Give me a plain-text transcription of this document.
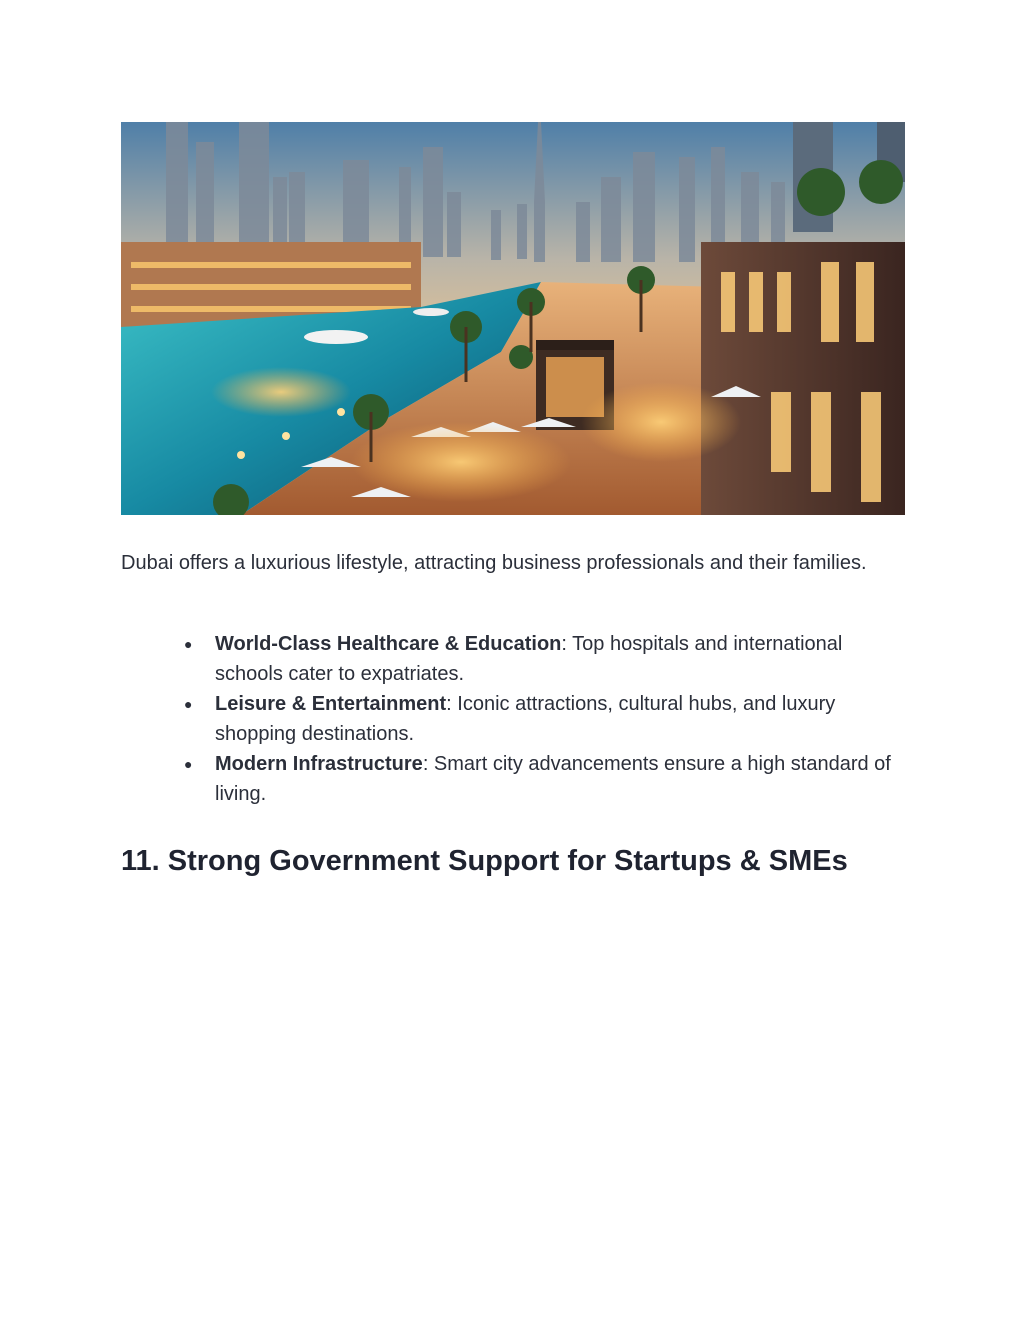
Dubai offers a luxurious lifestyle, attracting business professionals and their families.

● World-Class Healthcare & Education: Top hospitals and international schools cater to expatriates.
● Leisure & Entertainment: Iconic attractions, cultural hubs, and luxury shopping destinations.
● Modern Infrastructure: Smart city advancements ensure a high standard of living.
11. Strong Government Support for Startups & SMEs
